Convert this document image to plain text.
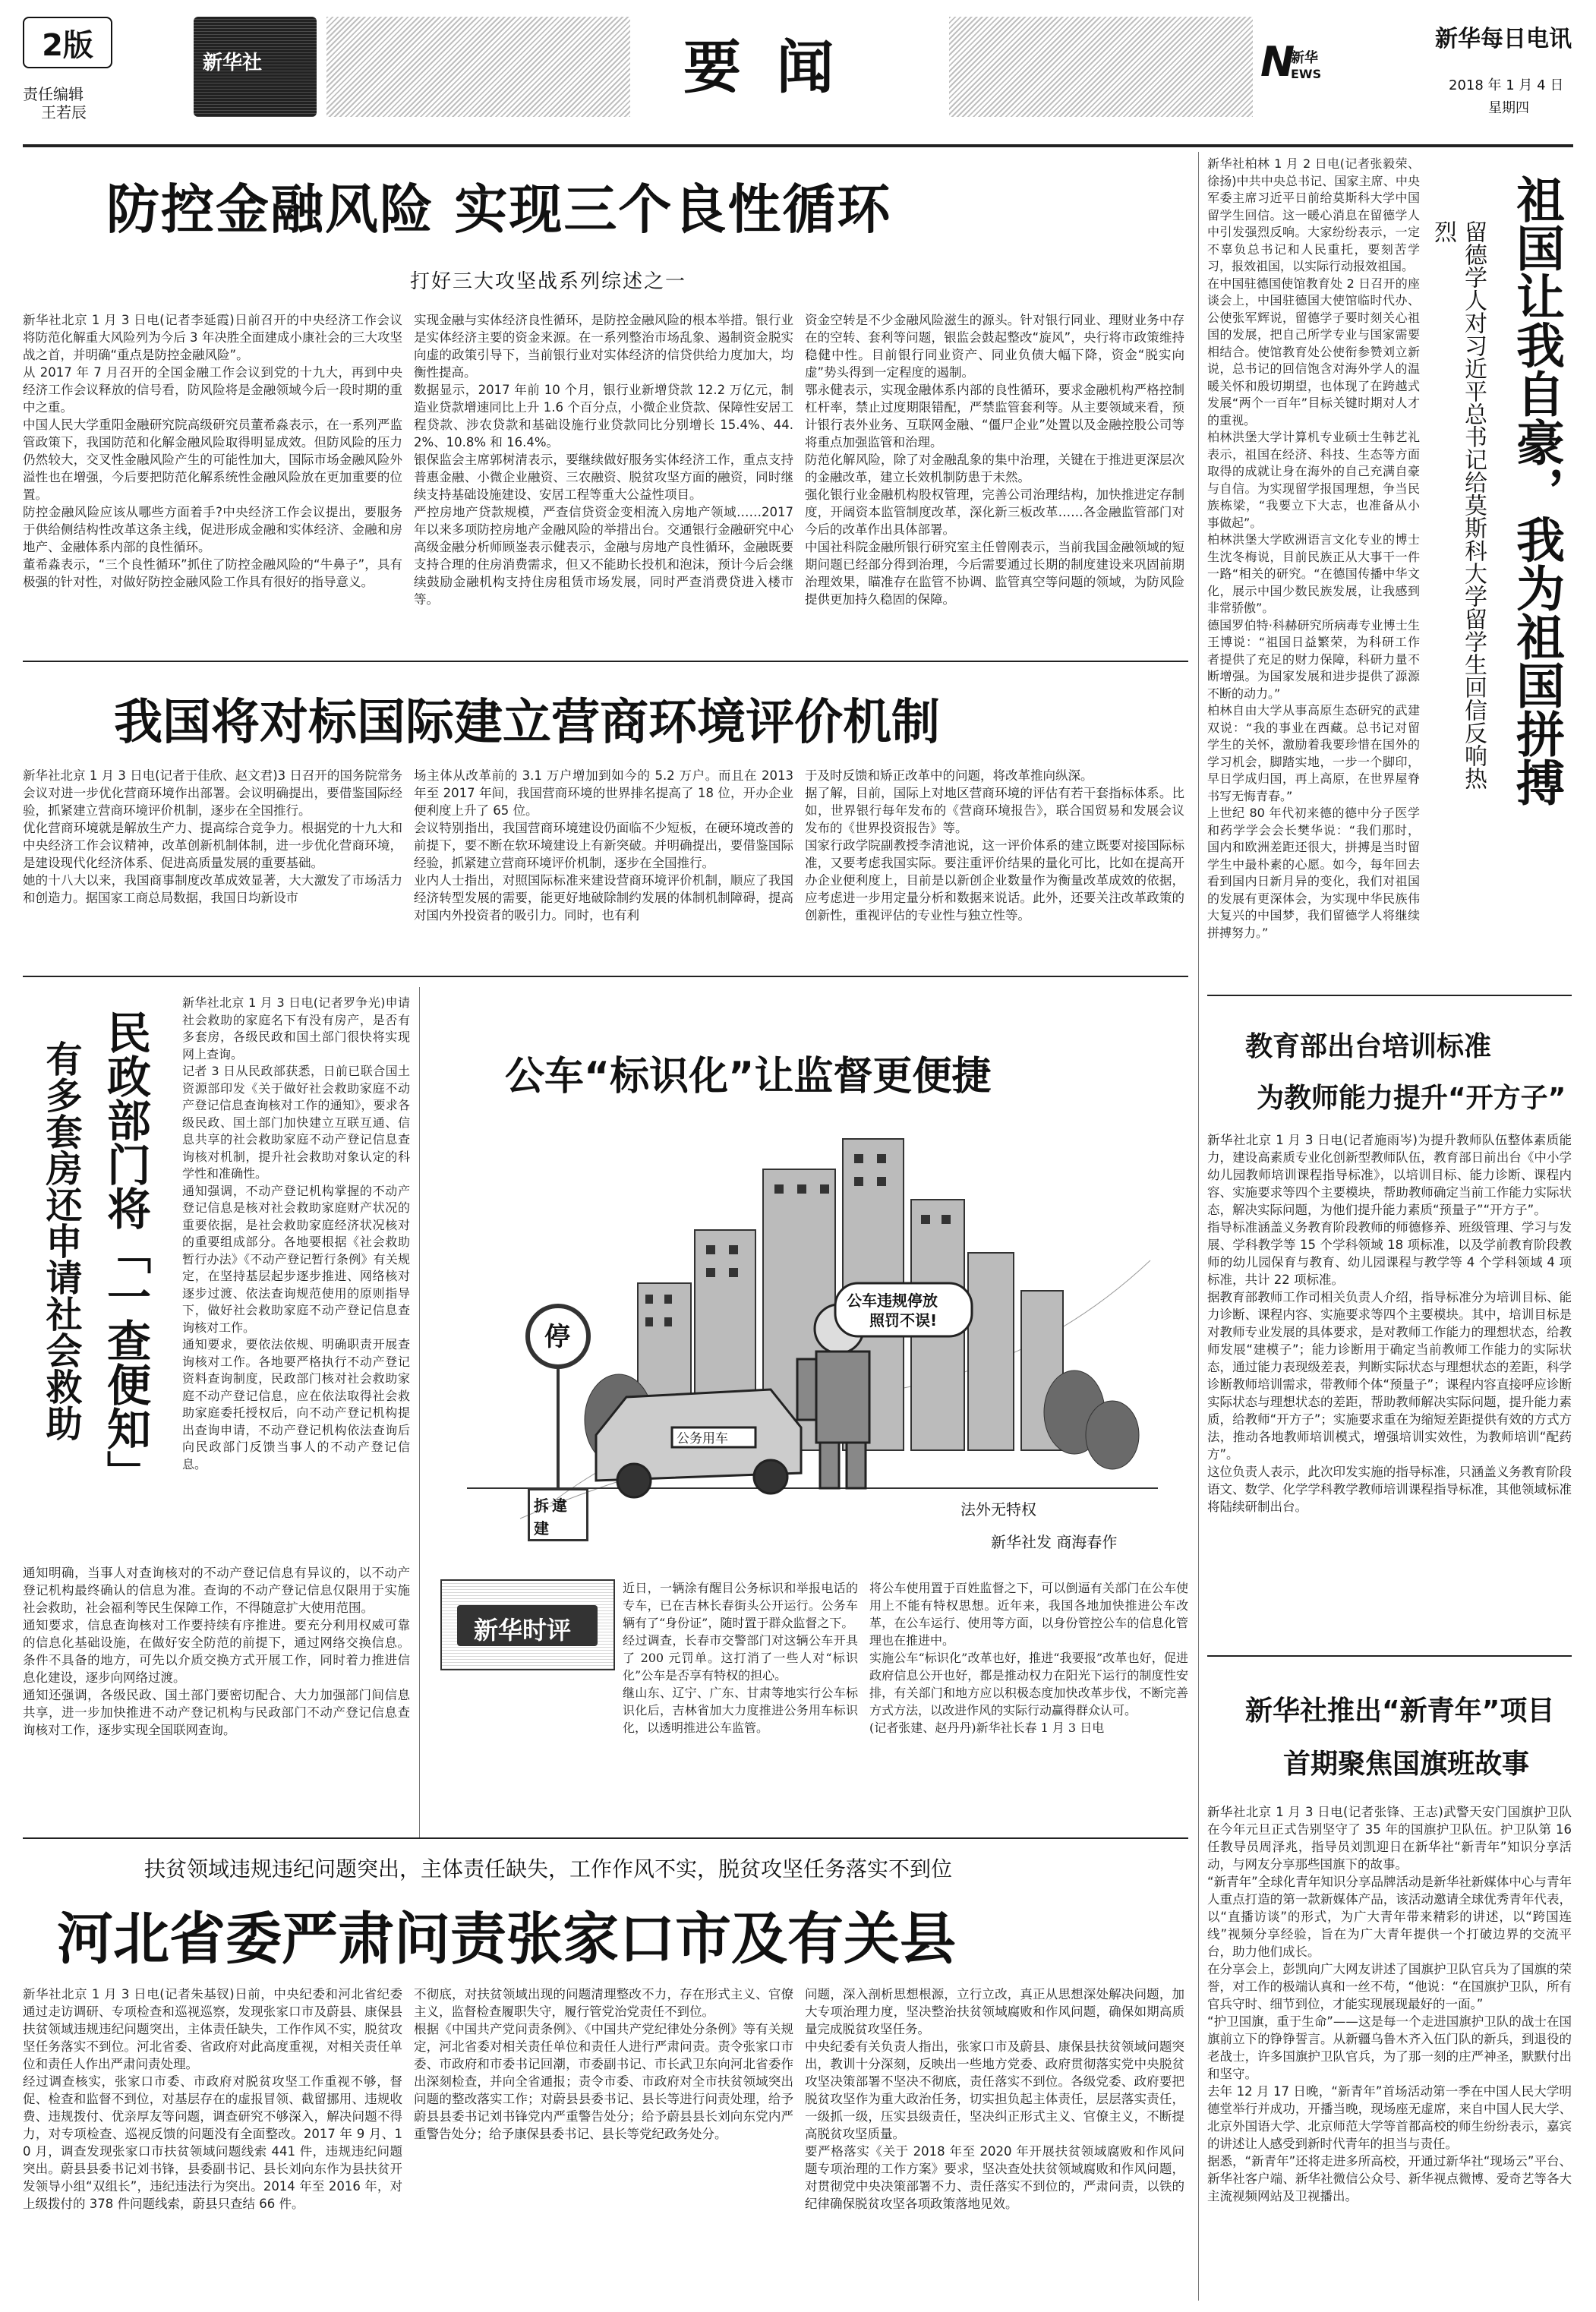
2版
责任编辑
王若辰
新华社	要 闻	N
新华
EWS
新华每日电讯
2018 年 1 月 4 日
星期四
防控金融风险 实现三个良性循环
打好三大攻坚战系列综述之一
新华社北京 1 月 3 日电(记者李延霞)日前召开的中央经济工作会议将防范化解重大风险列为今后 3 年决胜全面建成小康社会的三大攻坚战之首，并明确“重点是防控金融风险”。
从 2017 年 7 月召开的全国金融工作会议到党的十九大，再到中央经济工作会议释放的信号看，防风险将是金融领域今后一段时期的重中之重。
中国人民大学重阳金融研究院高级研究员董希淼表示，在一系列严监管政策下，我国防范和化解金融风险取得明显成效。但防风险的压力仍然较大，交叉性金融风险产生的可能性加大，国际市场金融风险外溢性也在增强，今后要把防范化解系统性金融风险放在更加重要的位置。
防控金融风险应该从哪些方面着手?中央经济工作会议提出，要服务于供给侧结构性改革这条主线，促进形成金融和实体经济、金融和房地产、金融体系内部的良性循环。
董希淼表示，“三个良性循环”抓住了防控金融风险的“牛鼻子”，具有极强的针对性，对做好防控金融风险工作具有很好的指导意义。
实现金融与实体经济良性循环，是防控金融风险的根本举措。银行业是实体经济主要的资金来源。在一系列整治市场乱象、遏制资金脱实向虚的政策引导下，当前银行业对实体经济的信贷供给力度加大，均衡性提高。
数据显示，2017 年前 10 个月，银行业新增贷款 12.2 万亿元，制造业贷款增速同比上升 1.6 个百分点，小微企业贷款、保障性安居工程贷款、涉农贷款和基础设施行业贷款同比分别增长 15.4%、44.2%、10.8% 和 16.4%。
银保监会主席郭树清表示，要继续做好服务实体经济工作，重点支持普惠金融、小微企业融资、三农融资、脱贫攻坚方面的融资，同时继续支持基础设施建设、安居工程等重大公益性项目。
严控房地产贷款规模，严查信贷资金变相流入房地产领域……2017 年以来多项防控房地产金融风险的举措出台。交通银行金融研究中心高级金融分析师顾崟表示健表示，金融与房地产良性循环，金融既要支持合理的住房消费需求，但又不能助长投机和泡沫，预计今后会继续鼓励金融机构支持住房租赁市场发展，同时严查消费贷进入楼市等。
资金空转是不少金融风险滋生的源头。针对银行同业、理财业务中存在的空转、套利等问题，银监会鼓起整改“旋风”，央行将市政策维持稳健中性。目前银行同业资产、同业负债大幅下降，资金“脱实向虚”势头得到一定程度的遏制。
鄂永健表示，实现金融体系内部的良性循环，要求金融机构严格控制杠杆率，禁止过度期限错配，严禁监管套利等。从主要领域来看，预计银行表外业务、互联网金融、“僵尸企业”处置以及金融控股公司等将重点加强监管和治理。
防范化解风险，除了对金融乱象的集中治理，关键在于推进更深层次的金融改革，建立长效机制防患于未然。
强化银行业金融机构股权管理，完善公司治理结构，加快推进定存制度，开阔资本监管制度改革，深化新三板改革……各金融监管部门对今后的改革作出具体部署。
中国社科院金融所银行研究室主任曾刚表示，当前我国金融领域的短期问题已经部分得到治理，今后需要通过长期的制度建设来巩固前期治理效果，瞄准存在监管不协调、监管真空等问题的领域，为防风险提供更加持久稳固的保障。
我国将对标国际建立营商环境评价机制
新华社北京 1 月 3 日电(记者于佳欣、赵文君)3 日召开的国务院常务会议对进一步优化营商环境作出部署。会议明确提出，要借鉴国际经验，抓紧建立营商环境评价机制，逐步在全国推行。
优化营商环境就是解放生产力、提高综合竞争力。根据党的十九大和中央经济工作会议精神，改革创新机制体制，进一步优化营商环境，是建设现代化经济体系、促进高质量发展的重要基础。
她的十八大以来，我国商事制度改革成效显著，大大激发了市场活力和创造力。据国家工商总局数据，我国日均新设市
场主体从改革前的 3.1 万户增加到如今的 5.2 万户。而且在 2013 年至 2017 年间，我国营商环境的世界排名提高了 18 位，开办企业便利度上升了 65 位。
会议特别指出，我国营商环境建设仍面临不少短板，在硬环境改善的前提下，要不断在软环境建设上有新突破。并明确提出，要借鉴国际经验，抓紧建立营商环境评价机制，逐步在全国推行。
业内人士指出，对照国际标准来建设营商环境评价机制，顺应了我国经济转型发展的需要，能更好地破除制约发展的体制机制障碍，提高对国内外投资者的吸引力。同时，也有利
于及时反馈和矫正改革中的问题，将改革推向纵深。
据了解，目前，国际上对地区营商环境的评估有若干套指标体系。比如，世界银行每年发布的《营商环境报告》，联合国贸易和发展会议发布的《世界投资报告》等。
国家行政学院副教授李清池说，这一评价体系的建立既要对接国际标准，又要考虑我国实际。要注重评价结果的量化可比，比如在提高开办企业便利度上，目前是以新创企业数量作为衡量改革成效的依据，应考虑进一步用定量分析和数据来说话。此外，还要关注改革政策的创新性，重视评估的专业性与独立性等。
民政部门将「一查便知」
有多套房还申请社会救助
新华社北京 1 月 3 日电(记者罗争光)申请社会救助的家庭名下有没有房产，是否有多套房，各级民政和国土部门很快将实现网上查询。
记者 3 日从民政部获悉，日前已联合国土资源部印发《关于做好社会救助家庭不动产登记信息查询核对工作的通知》，要求各级民政、国土部门加快建立互联互通、信息共享的社会救助家庭不动产登记信息查询核对机制，提升社会救助对象认定的科学性和准确性。
通知强调，不动产登记机构掌握的不动产登记信息是核对社会救助家庭财产状况的重要依据，是社会救助家庭经济状况核对的重要组成部分。各地要根据《社会救助暂行办法》《不动产登记暂行条例》有关规定，在坚持基层起步逐步推进、网络核对逐步过渡、依法查询规范使用的原则指导下，做好社会救助家庭不动产登记信息查询核对工作。
通知要求，要依法依规、明确职责开展查询核对工作。各地要严格执行不动产登记资料查询制度，民政部门核对社会救助家庭不动产登记信息，应在依法取得社会救助家庭委托授权后，向不动产登记机构提出查询申请，不动产登记机构依法查询后向民政部门反馈当事人的不动产登记信息。
通知明确，当事人对查询核对的不动产登记信息有异议的，以不动产登记机构最终确认的信息为准。查询的不动产登记信息仅限用于实施社会救助，社会福利等民生保障工作，不得随意扩大使用范围。
通知要求，信息查询核对工作要持续有序推进。要充分利用权威可靠的信息化基础设施，在做好安全防范的前提下，通过网络交换信息。条件不具备的地方，可先以介质交换方式开展工作，同时着力推进信息化建设，逐步向网络过渡。
通知还强调，各级民政、国土部门要密切配合、大力加强部门间信息共享，进一步加快推进不动产登记机构与民政部门不动产登记信息查询核对工作，逐步实现全国联网查询。
公车“标识化”让监督更便捷
停
公务用车
公车违规停放
照罚不误!
法外无特权
新华社发 商海春作
拆違建
新华时评
近日，一辆涂有醒目公务标识和举报电话的专车，已在吉林长春街头公开运行。公务车辆有了“身份证”，随时置于群众监督之下。
经过调查，长春市交警部门对这辆公车开具了 200 元罚单。这打消了一些人对“标识化”公车是否享有特权的担心。
继山东、辽宁、广东、甘肃等地实行公车标识化后，吉林省加大力度推进公务用车标识化，以透明推进公车监管。
将公车使用置于百姓监督之下，可以倒逼有关部门在公车使用上不能有特权思想。近年来，我国各地加快推进公车改革，在公车运行、使用等方面，以身份管控公车的信息化管理也在推进中。
实施公车“标识化”改革也好，推进“我要报”改革也好，促进政府信息公开也好，都是推动权力在阳光下运行的制度性安排，有关部门和地方应以积极态度加快改革步伐，不断完善方式方法，以改进作风的实际行动赢得群众认可。
(记者张建、赵丹丹)新华社长春 1 月 3 日电
扶贫领域违规违纪问题突出，主体责任缺失，工作作风不实，脱贫攻坚任务落实不到位
河北省委严肃问责张家口市及有关县
新华社北京 1 月 3 日电(记者朱基钗)日前，中央纪委和河北省纪委通过走访调研、专项检查和巡视巡察，发现张家口市及蔚县、康保县扶贫领域违规违纪问题突出，主体责任缺失，工作作风不实，脱贫攻坚任务落实不到位。河北省委、省政府对此高度重视，对相关责任单位和责任人作出严肃问责处理。
经过调查核实，张家口市委、市政府对脱贫攻坚工作重视不够，督促、检查和监督不到位，对基层存在的虚报冒领、截留挪用、违规收费、违规拨付、优亲厚友等问题，调查研究不够深入，解决问题不得力，对专项检查、巡视反馈的问题没有全面整改。2017 年 9 月、10 月，调查发现张家口市扶贫领域问题线索 441 件，违规违纪问题突出。蔚县县委书记刘书锋，县委副书记、县长刘向东作为县扶贫开发领导小组“双组长”，违纪违法行为突出。2014 年至 2016 年，对上级拨付的 378 件问题线索，蔚县只查结 66 件。
不彻底，对扶贫领域出现的问题清理整改不力，存在形式主义、官僚主义，监督检查履职失守，履行管党治党责任不到位。
根据《中国共产党问责条例》、《中国共产党纪律处分条例》等有关规定，河北省委对相关责任单位和责任人进行严肃问责。责令张家口市委、市政府和市委书记回潮，市委副书记、市长武卫东向河北省委作出深刻检查，并向全省通报；责令市委、市政府对全市扶贫领域突出问题的整改落实工作；对蔚县县委书记、县长等进行问责处理，给予蔚县县委书记刘书锋党内严重警告处分；给予蔚县县长刘向东党内严重警告处分；给予康保县委书记、县长等党纪政务处分。
问题，深入剖析思想根源，立行立改，真正从思想深处解决问题，加大专项治理力度，坚决整治扶贫领域腐败和作风问题，确保如期高质量完成脱贫攻坚任务。
中央纪委有关负责人指出，张家口市及蔚县、康保县扶贫领域问题突出，教训十分深刻，反映出一些地方党委、政府贯彻落实党中央脱贫攻坚决策部署不坚决不彻底，责任落实不到位。各级党委、政府要把脱贫攻坚作为重大政治任务，切实担负起主体责任，层层落实责任，一级抓一级，压实县级责任，坚决纠正形式主义、官僚主义，不断提高脱贫攻坚质量。
要严格落实《关于 2018 年至 2020 年开展扶贫领域腐败和作风问题专项治理的工作方案》要求，坚决查处扶贫领域腐败和作风问题，对贯彻党中央决策部署不力、责任落实不到位的，严肃问责，以铁的纪律确保脱贫攻坚各项政策落地见效。
新华社柏林 1 月 2 日电(记者张毅荣、徐扬)中共中央总书记、国家主席、中央军委主席习近平日前给莫斯科大学中国留学生回信。这一暖心消息在留德学人中引发强烈反响。大家纷纷表示，一定不辜负总书记和人民重托，要刻苦学习，报效祖国，以实际行动报效祖国。
在中国驻德国使馆教育处 2 日召开的座谈会上，中国驻德国大使馆临时代办、公使张军辉说，留德学子要时刻关心祖国的发展，把自己所学专业与国家需要相结合。使馆教育处公使衔参赞刘立新说，总书记的回信饱含对海外学人的温暖关怀和殷切期望，也体现了在跨越式发展“两个一百年”目标关键时期对人才的重视。
柏林洪堡大学计算机专业硕士生韩艺礼表示，祖国在经济、科技、生态等方面取得的成就让身在海外的自己充满自豪与自信。为实现留学报国理想，争当民族栋梁，“我要立下大志，也准备从小事做起”。
柏林洪堡大学欧洲语言文化专业的博士生沈冬梅说，目前民族正从大事干一件一路“相关的研究。“在德国传播中华文化，展示中国少数民族发展，让我感到非常骄傲”。
德国罗伯特·科赫研究所病毒专业博士生王博说：“祖国日益繁荣，为科研工作者提供了充足的财力保障，科研力量不断增强。为国家发展和进步提供了源源不断的动力。”
柏林自由大学从事高原生态研究的武建双说：“我的事业在西藏。总书记对留学生的关怀，激励着我要珍惜在国外的学习机会，脚踏实地，一步一个脚印，早日学成归国，再上高原，在世界屋脊书写无悔青春。”
上世纪 80 年代初来德的德中分子医学和药学学会会长樊华说：“我们那时，国内和欧洲差距还很大，拼搏是当时留学生中最朴素的心愿。如今，每年回去看到国内日新月异的变化，我们对祖国的发展有更深体会，为实现中华民族伟大复兴的中国梦，我们留德学人将继续拼搏努力。”
祖国让我自豪，我为祖国拼搏
留德学人对习近平总书记给莫斯科大学留学生回信反响热烈
教育部出台培训标准
为教师能力提升“开方子”
新华社北京 1 月 3 日电(记者施雨岑)为提升教师队伍整体素质能力，建设高素质专业化创新型教师队伍，教育部日前出台《中小学幼儿园教师培训课程指导标准》，以培训目标、能力诊断、课程内容、实施要求等四个主要模块，帮助教师确定当前工作能力实际状态，解决实际问题，为他们提升能力素质“预量子”“开方子”。
指导标准涵盖义务教育阶段教师的师德修养、班级管理、学习与发展、学科教学等 15 个学科领域 18 项标准，以及学前教育阶段教师的幼儿园保育与教育、幼儿园课程与教学等 4 个学科领域 4 项标准，共计 22 项标准。
据教育部教师工作司相关负责人介绍，指导标准分为培训目标、能力诊断、课程内容、实施要求等四个主要模块。其中，培训目标是对教师专业发展的具体要求，是对教师工作能力的理想状态，给教师发展“建模子”；能力诊断用于确定当前教师工作能力的实际状态，通过能力表现级差表，判断实际状态与理想状态的差距，科学诊断教师培训需求，带教师个体“预量子”；课程内容直接呼应诊断实际状态与理想状态的差距，帮助教师解决实际问题，提升能力素质，给教师“开方子”；实施要求重在为缩短差距提供有效的方式方法，推动各地教师培训模式，增强培训实效性，为教师培训“配药方”。
这位负责人表示，此次印发实施的指导标准，只涵盖义务教育阶段语文、数学、化学学科教学教师培训课程指导标准，其他领域标准将陆续研制出台。
新华社推出“新青年”项目
首期聚焦国旗班故事
新华社北京 1 月 3 日电(记者张锋、王志)武警天安门国旗护卫队在今年元旦正式告别坚守了 35 年的国旗护卫队伍。护卫队第 16 任教导员周泽兆，指导员刘凯迎日在新华社“新青年”知识分享活动，与网友分享那些国旗下的故事。
“新青年”全球化青年知识分享品牌活动是新华社新媒体中心与青年人重点打造的第一款新媒体产品，该活动邀请全球优秀青年代表，以“直播访谈”的形式，为广大青年带来精彩的讲述，以“跨国连线”视频分享经验，旨在为广大青年提供一个打破边界的交流平台，助力他们成长。
在分享会上，彭凯向广大网友讲述了国旗护卫队官兵为了国旗的荣誉，对工作的极端认真和一丝不苟，“他说：“在国旗护卫队，所有官兵守时、细节到位，才能实现展现最好的一面。”
“护卫国旗，重于生命”——这是每一个走进国旗护卫队的战士在国旗前立下的铮铮誓言。从新疆乌鲁木齐入伍门队的新兵，到退役的老战士，许多国旗护卫队官兵，为了那一刻的庄严神圣，默默付出和坚守。
去年 12 月 17 日晚，“新青年”首场活动第一季在中国人民大学明德堂举行并成功，开播当晚，现场座无虚席，来自中国人民大学、北京外国语大学、北京师范大学等首都高校的师生纷纷表示，嘉宾的讲述让人感受到新时代青年的担当与责任。
据悉，“新青年”还将走进多所高校，开通过新华社“现场云”平台、新华社客户端、新华社微信公众号、新华视点微博、爱奇艺等各大主流视频网站及卫视播出。
